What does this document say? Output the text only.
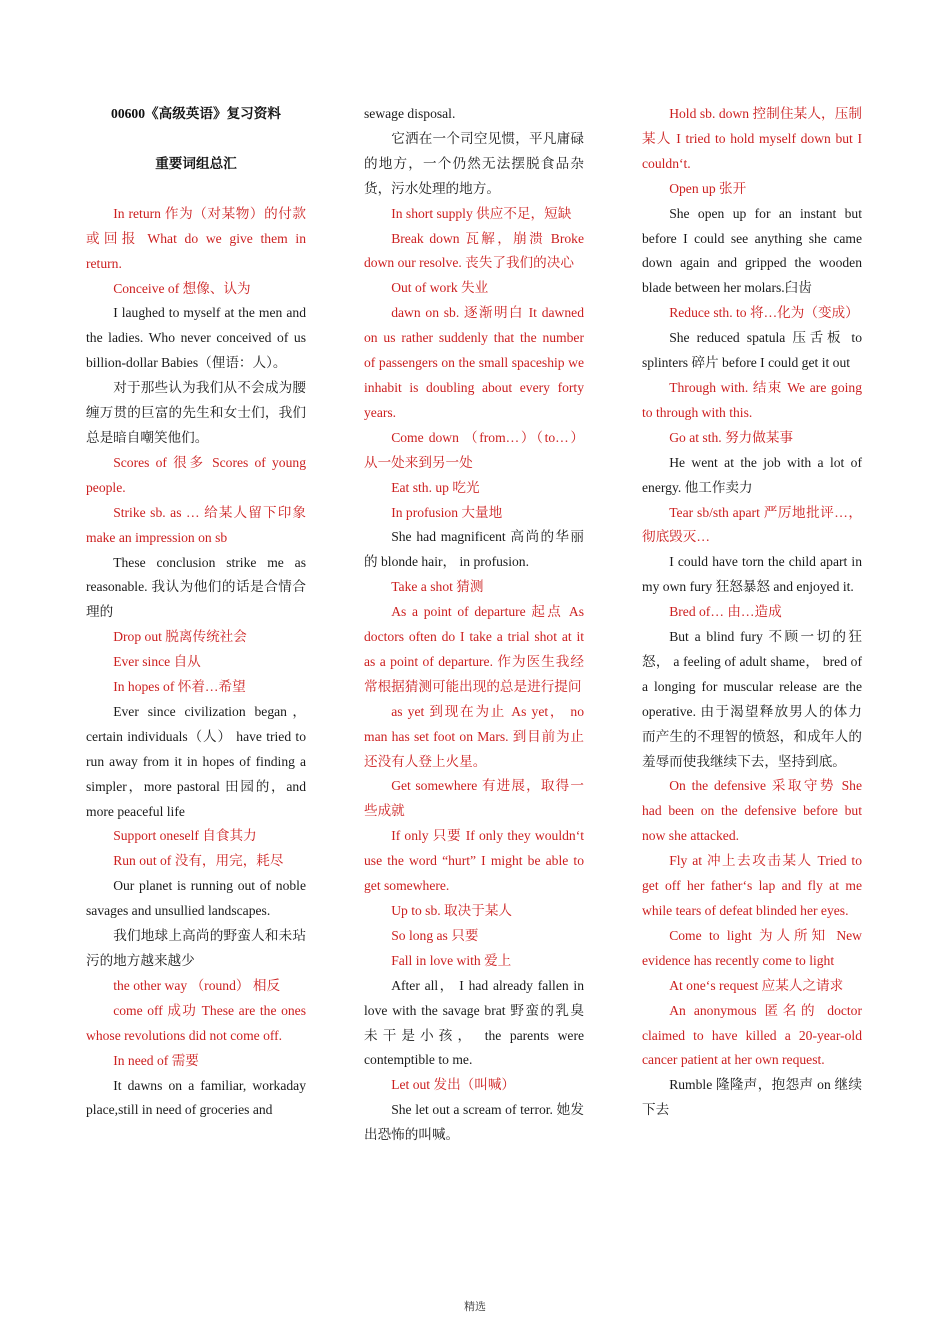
00600《高级英语》复习资料

重要词组总汇

In return 作为（对某物）的付款或回报 What do we give them in return.

Conceive of 想像、认为

I laughed to myself at the men and the ladies. Who never conceived of us billion-dollar Babies（俚语：人）。

对于那些认为我们从不会成为腰缠万贯的巨富的先生和女士们，我们总是暗自嘲笑他们。

Scores of 很多 Scores of young people.

Strike sb. as … 给某人留下印象 make an impression on sb

These conclusion strike me as reasonable. 我认为他们的话是合情合理的

Drop out 脱离传统社会

Ever since 自从

In hopes of 怀着…希望

Ever since civilization began，certain individuals（人） have tried to run away from it in hopes of finding a simpler，more pastoral 田园的，and more peaceful life

Support oneself 自食其力

Run out of 没有，用完，耗尽

Our planet is running out of noble savages and unsullied landscapes.

我们地球上高尚的野蛮人和未玷污的地方越来越少

the other way （round） 相反

come off 成功 These are the ones whose revolutions did not come off.

In need of 需要

It dawns on a familiar, workaday place,still in need of groceries and

sewage disposal.

它洒在一个司空见惯，平凡庸碌的地方，一个仍然无法摆脱食品杂货，污水处理的地方。

In short supply 供应不足，短缺

Break down 瓦解，崩溃 Broke down our resolve. 丧失了我们的决心

Out of work 失业

dawn on sb. 逐渐明白 It dawned on us rather suddenly that the number of passengers on the small spaceship we inhabit is doubling about every forty years.

Come down （from…）（to…） 从一处来到另一处

Eat sth. up 吃光

In profusion 大量地

She had magnificent 高尚的华丽的 blonde hair， in profusion.

Take a shot 猜测

As a point of departure 起点 As doctors often do I take a trial shot at it as a point of departure. 作为医生我经常根据猜测可能出现的总是进行提问

as yet 到现在为止 As yet， no man has set foot on Mars. 到目前为止还没有人登上火星。

Get somewhere 有进展，取得一些成就

If only 只要 If only they wouldn‘t use the word “hurt” I might be able to get somewhere.

Up to sb. 取决于某人

So long as 只要

Fall in love with 爱上

After all， I had already fallen in love with the savage brat 野蛮的乳臭未干是小孩， the parents were contemptible to me.

Let out 发出（叫喊）

She let out a scream of terror. 她发出恐怖的叫喊。

Hold sb. down 控制住某人，压制某人 I tried to hold myself down but I couldn‘t.

Open up 张开

She open up for an instant but before I could see anything she came down again and gripped the wooden blade between her molars.臼齿

Reduce sth. to 将…化为（变成）

She reduced spatula 压舌板 to splinters 碎片 before I could get it out

Through with. 结束 We are going to through with this.

Go at sth. 努力做某事

He went at the job with a lot of energy. 他工作卖力

Tear sb/sth apart 严厉地批评…，彻底毁灭…

I could have torn the child apart in my own fury 狂怒暴怒 and enjoyed it.

Bred of… 由…造成

But a blind fury 不顾一切的狂怒， a feeling of adult shame， bred of a longing for muscular release are the operative. 由于渴望释放男人的体力而产生的不理智的愤怒，和成年人的羞辱而使我继续下去，坚持到底。

On the defensive 采取守势 She had been on the defensive before but now she attacked.

Fly at 冲上去攻击某人 Tried to get off her father‘s lap and fly at me while tears of defeat blinded her eyes.

Come to light 为人所知 New evidence has recently come to light

At one‘s request 应某人之请求

An anonymous 匿名的 doctor claimed to have killed a 20-year-old cancer patient at her own request.

Rumble 隆隆声，抱怨声 on 继续下去

精选
